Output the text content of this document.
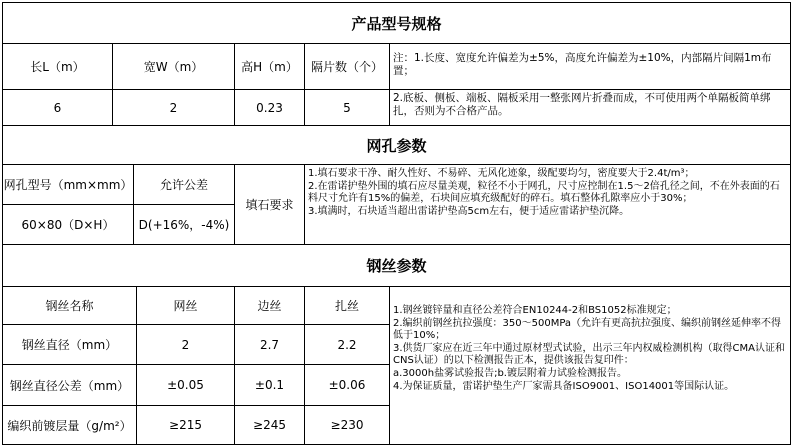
产品型号规格
长L（m）	宽W（m）	高H（m）	隔片数（个）
6	2	0.23	5
注：1.长度、宽度允许偏差为±5%，高度允许偏差为±10%，内部隔片间隔1m布置；
2.底板、侧板、端板、隔板采用一整张网片折叠而成，不可使用两个单隔板简单绑扎，否则为不合格产品。
网孔参数
网孔型号（mm×mm）	允许公差
60×80（D×H）	D(+16%，-4%)
填石要求

1.填石要求干净、耐久性好、不易碎、无风化迹象，级配要均匀，密度要大于2.4t/m³；

2.在雷诺护垫外围的填石应尽量美观，粒径不小于网孔，尺寸应控制在1.5～2倍孔径之间，不在外表面的石料尺寸允许有15%的偏差，石块间应填充级配好的碎石。填石整体孔隙率应小于30%；

3.填满时，石块适当超出雷诺护垫高5cm左右，便于适应雷诺护垫沉降。

钢丝参数
钢丝名称	网丝	边丝	扎丝
钢丝直径（mm）	2	2.7	2.2
钢丝直径公差（mm）	±0.05	±0.1	±0.06
编织前镀层量（g/m²）	≥215	≥245	≥230

1.钢丝镀锌量和直径公差符合EN10244-2和BS1052标准规定；

2.编织前钢丝抗拉强度：350～500MPa（允许有更高抗拉强度、编织前钢丝延伸率不得低于10%；

3.供货厂家应在近三年中通过原材型式试验，出示三年内权威检测机构（取得CMA认证和CNS认证）的以下检测报告正本，提供该报告复印件：

a.3000h盐雾试验报告;b.镀层附着力试验检测报告。

4.为保证质量，雷诺护垫生产厂家需具备ISO9001、ISO14001等国际认证。
